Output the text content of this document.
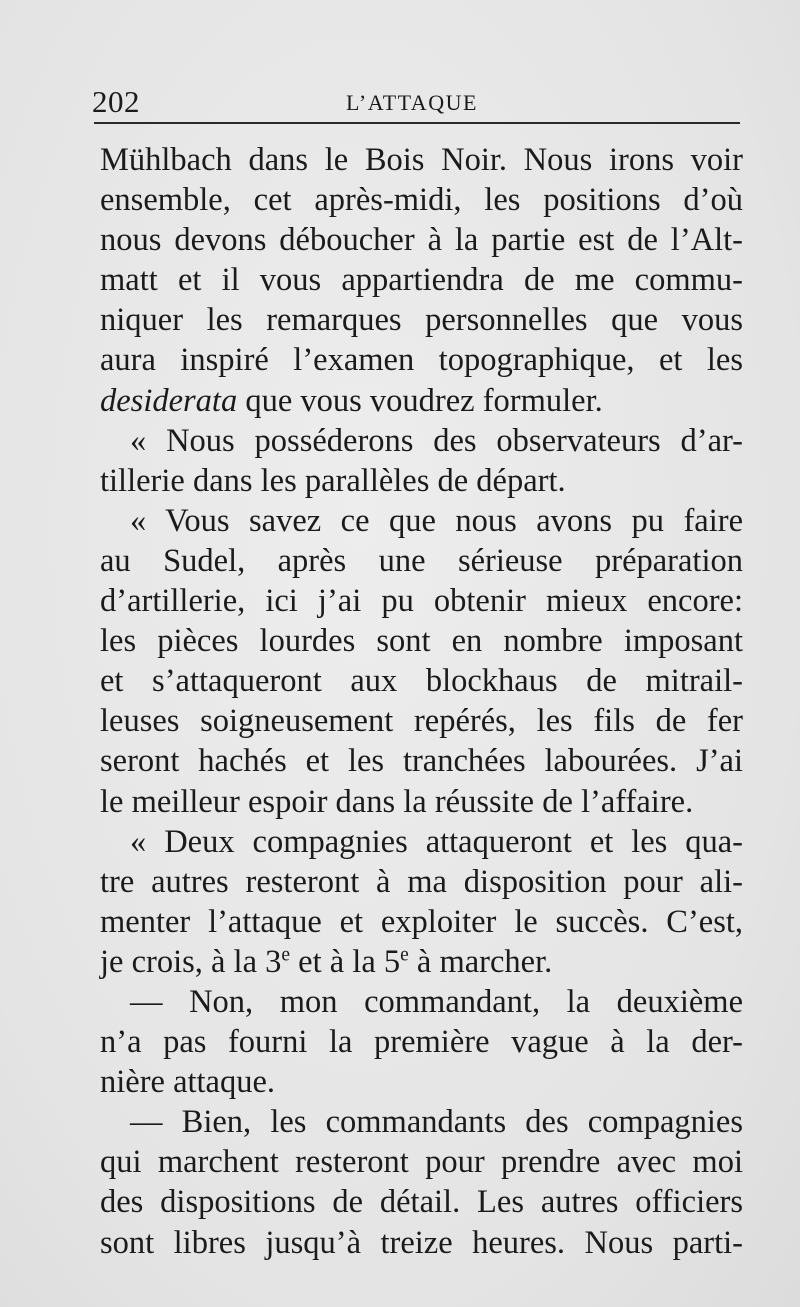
202	L’ATTAQUE
Mühlbach dans le Bois Noir. Nous irons voir
ensemble, cet après-midi, les positions d’où
nous devons déboucher à la partie est de l’Alt-
matt et il vous appartiendra de me commu-
niquer les remarques personnelles que vous
aura inspiré l’examen topographique, et les
desiderata que vous voudrez formuler.
« Nous posséderons des observateurs d’ar-
tillerie dans les parallèles de départ.
« Vous savez ce que nous avons pu faire
au Sudel, après une sérieuse préparation
d’artillerie, ici j’ai pu obtenir mieux encore:
les pièces lourdes sont en nombre imposant
et s’attaqueront aux blockhaus de mitrail-
leuses soigneusement repérés, les fils de fer
seront hachés et les tranchées labourées. J’ai
le meilleur espoir dans la réussite de l’affaire.
« Deux compagnies attaqueront et les qua-
tre autres resteront à ma disposition pour ali-
menter l’attaque et exploiter le succès. C’est,
je crois, à la 3e et à la 5e à marcher.
— Non, mon commandant, la deuxième
n’a pas fourni la première vague à la der-
nière attaque.
— Bien, les commandants des compagnies
qui marchent resteront pour prendre avec moi
des dispositions de détail. Les autres officiers
sont libres jusqu’à treize heures. Nous parti-
